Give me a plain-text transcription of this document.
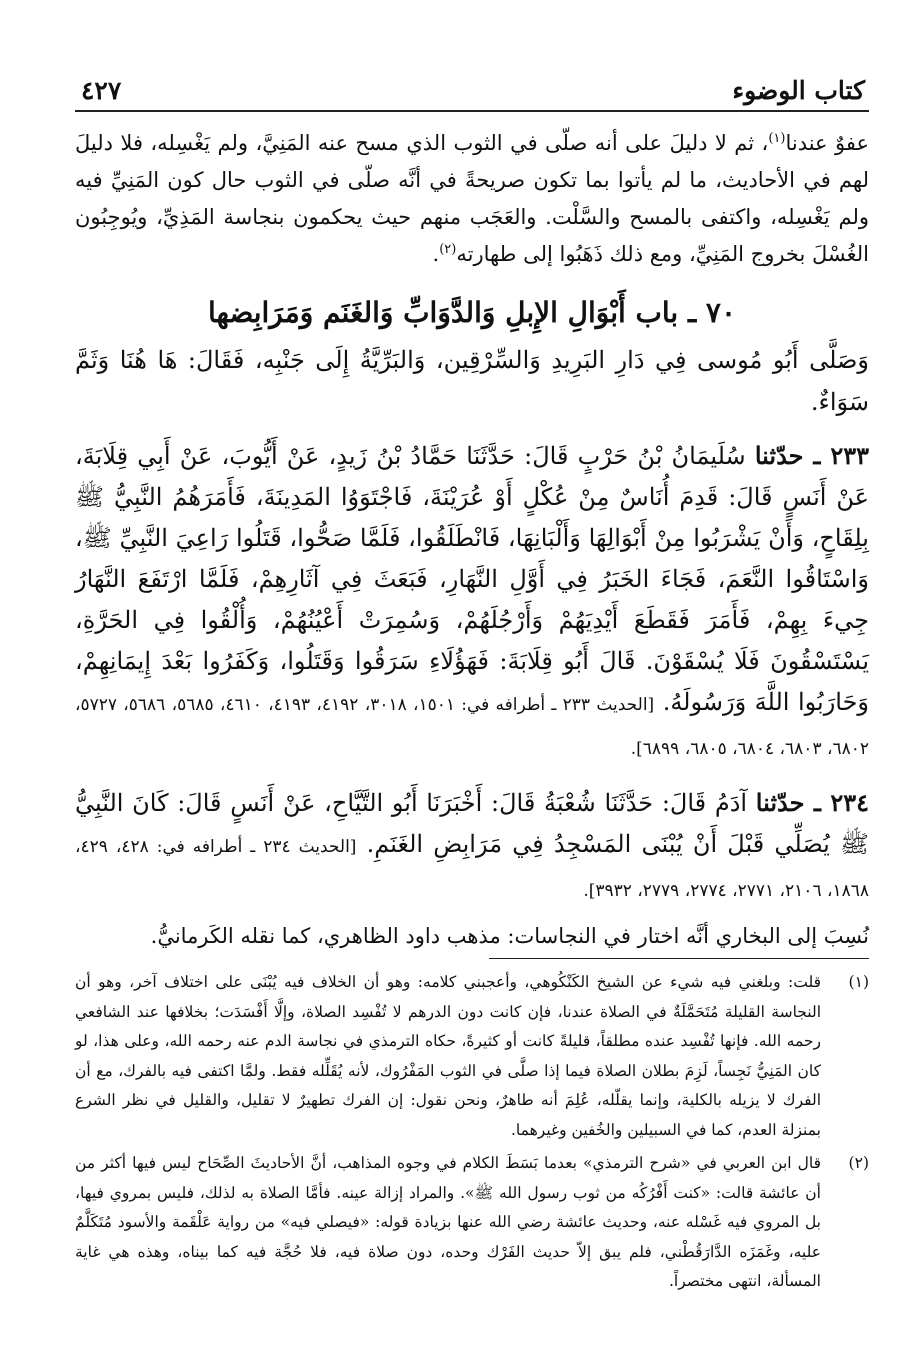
كتاب الوضوء
٤٢٧

عفوٌ عندنا$^{(١)}$، ثم لا دليلَ على أنه صلّى في الثوب الذي مسح عنه المَنِيَّ، ولم يَغْسِله، فلا دليلَ لهم في الأحاديث، ما لم يأتوا بما تكون صريحةً في أنَّه صلّى في الثوب حال كون المَنِيِّ فيه ولم يَغْسِله، واكتفى بالمسح والسَّلْت. والعَجَب منهم حيث يحكمون بنجاسة المَذِيِّ، ويُوجِبُون الغُسْلَ بخروج المَنِيِّ، ومع ذلك ذَهَبُوا إلى طهارته$^{(٢)}$.

٧٠ ـ باب أَبْوَالِ الإِبلِ وَالدَّوَابِّ وَالغَنَم وَمَرَابِضها

وَصَلَّى أَبُو مُوسى فِي دَارِ البَرِيدِ وَالسِّرْقِين، وَالبَرِّيَّةُ إِلَى جَنْبِه، فَقَالَ: هَا هُنَا وَثَمَّ سَوَاءٌ.

٢٣٣ ـ حدّثنا سُلَيمَانُ بْنُ حَرْبٍ قَالَ: حَدَّثَنَا حَمَّادُ بْنُ زَيدٍ، عَنْ أَيُّوبَ، عَنْ أَبِي قِلَابَةَ، عَنْ أَنَسٍ قَالَ: قَدِمَ أُنَاسٌ مِنْ عُكْلٍ أَوْ عُرَيْنَةَ، فَاجْتَوَوُا المَدِينَةَ، فَأَمَرَهُمُ النَّبِيُّ ﷺ بِلِقَاحٍ، وَأَنْ يَشْرَبُوا مِنْ أَبْوَالِهَا وَأَلْبَانِهَا، فَانْطَلَقُوا، فَلَمَّا صَحُّوا، قَتَلُوا رَاعِيَ النَّبِيِّ ﷺ، وَاسْتَاقُوا النَّعَمَ، فَجَاءَ الخَبَرُ فِي أَوَّلِ النَّهَارِ، فَبَعَثَ فِي آثَارِهِمْ، فَلَمَّا ارْتَفَعَ النَّهَارُ جِيءَ بِهِمْ، فَأَمَرَ فَقَطَعَ أَيْدِيَهُمْ وَأَرْجُلَهُمْ، وَسُمِرَتْ أَعْيُنُهُمْ، وَأُلْقُوا فِي الحَرَّةِ، يَسْتَسْقُونَ فَلَا يُسْقَوْنَ. قَالَ أَبُو قِلَابَةَ: فَهَؤُلَاءِ سَرَقُوا وَقَتَلُوا، وَكَفَرُوا بَعْدَ إِيمَانِهِمْ، وَحَارَبُوا اللَّهَ وَرَسُولَهُ. [الحديث ٢٣٣ ـ أطرافه في: ١٥٠١، ٣٠١٨، ٤١٩٢، ٤١٩٣، ٤٦١٠، ٥٦٨٥، ٥٦٨٦، ٥٧٢٧، ٦٨٠٢، ٦٨٠٣، ٦٨٠٤، ٦٨٠٥، ٦٨٩٩].

٢٣٤ ـ حدّثنا آدَمُ قَالَ: حَدَّثَنَا شُعْبَةُ قَالَ: أَخْبَرَنَا أَبُو التَّيَّاحِ، عَنْ أَنَسٍ قَالَ: كَانَ النَّبِيُّ ﷺ يُصَلِّي قَبْلَ أَنْ يُبْنَى المَسْجِدُ فِي مَرَابِضِ الغَنَمِ. [الحديث ٢٣٤ ـ أطرافه في: ٤٢٨، ٤٢٩، ١٨٦٨، ٢١٠٦، ٢٧٧١، ٢٧٧٤، ٢٧٧٩، ٣٩٣٢].

نُسِبَ إلى البخاري أنَّه اختار في النجاسات: مذهب داود الظاهري، كما نقله الكَرمانيُّ.

(١)
قلت: وبلغني فيه شيء عن الشيخ الكَنْكُوهي، وأعجبني كلامه: وهو أن الخلاف فيه يُبْنَى على اختلاف آخر، وهو أن النجاسة القليلة مُتَحَمَّلَةٌ في الصلاة عندنا، فإن كانت دون الدرهم لا تُفْسِد الصلاة، وإلَّا أَفْسَدَت؛ بخلافها عند الشافعي رحمه الله. فإنها تُفْسِد عنده مطلقاً، قليلةً كانت أو كثيرةً، حكاه الترمذي في نجاسة الدم عنه رحمه الله، وعلى هذا، لو كان المَنِيُّ نَجِساً، لَزِمَ بطلان الصلاة فيما إذا صلَّى في الثوب المَفْرُوك، لأنه يُقَلِّله فقط. ولمَّا اكتفى فيه بالفرك، مع أن الفرك لا يزيله بالكلية، وإنما يقلّله، عُلِمَ أنه طاهرٌ، ونحن نقول: إن الفرك تطهيرٌ لا تقليل، والقليل في نظر الشرع بمنزلة العدم، كما في السبيلين والخُفين وغيرهما.
(٢)
قال ابن العربي في «شرح الترمذي» بعدما بَسَطَ الكلام في وجوه المذاهب، أنَّ الأحاديثَ الصِّحَاح ليس فيها أكثر من أن عائشة قالت: «كنت أَفْرُكُه من ثوب رسول الله ﷺ». والمراد إزالة عينه. فأمَّا الصلاة به لذلك، فليس بمروي فيها، بل المروي فيه غَسْله عنه، وحديث عائشة رضي الله عنها بزيادة قوله: «فيصلي فيه» من رواية عَلْقَمة والأسود مُتَكَلَّمٌ عليه، وغَمَزَه الدَّارَقُطْني، فلم يبق إلاّ حديث الفَرْك وحده، دون صلاة فيه، فلا حُجَّة فيه كما بيناه، وهذه هي غاية المسألة، انتهى مختصراً.
